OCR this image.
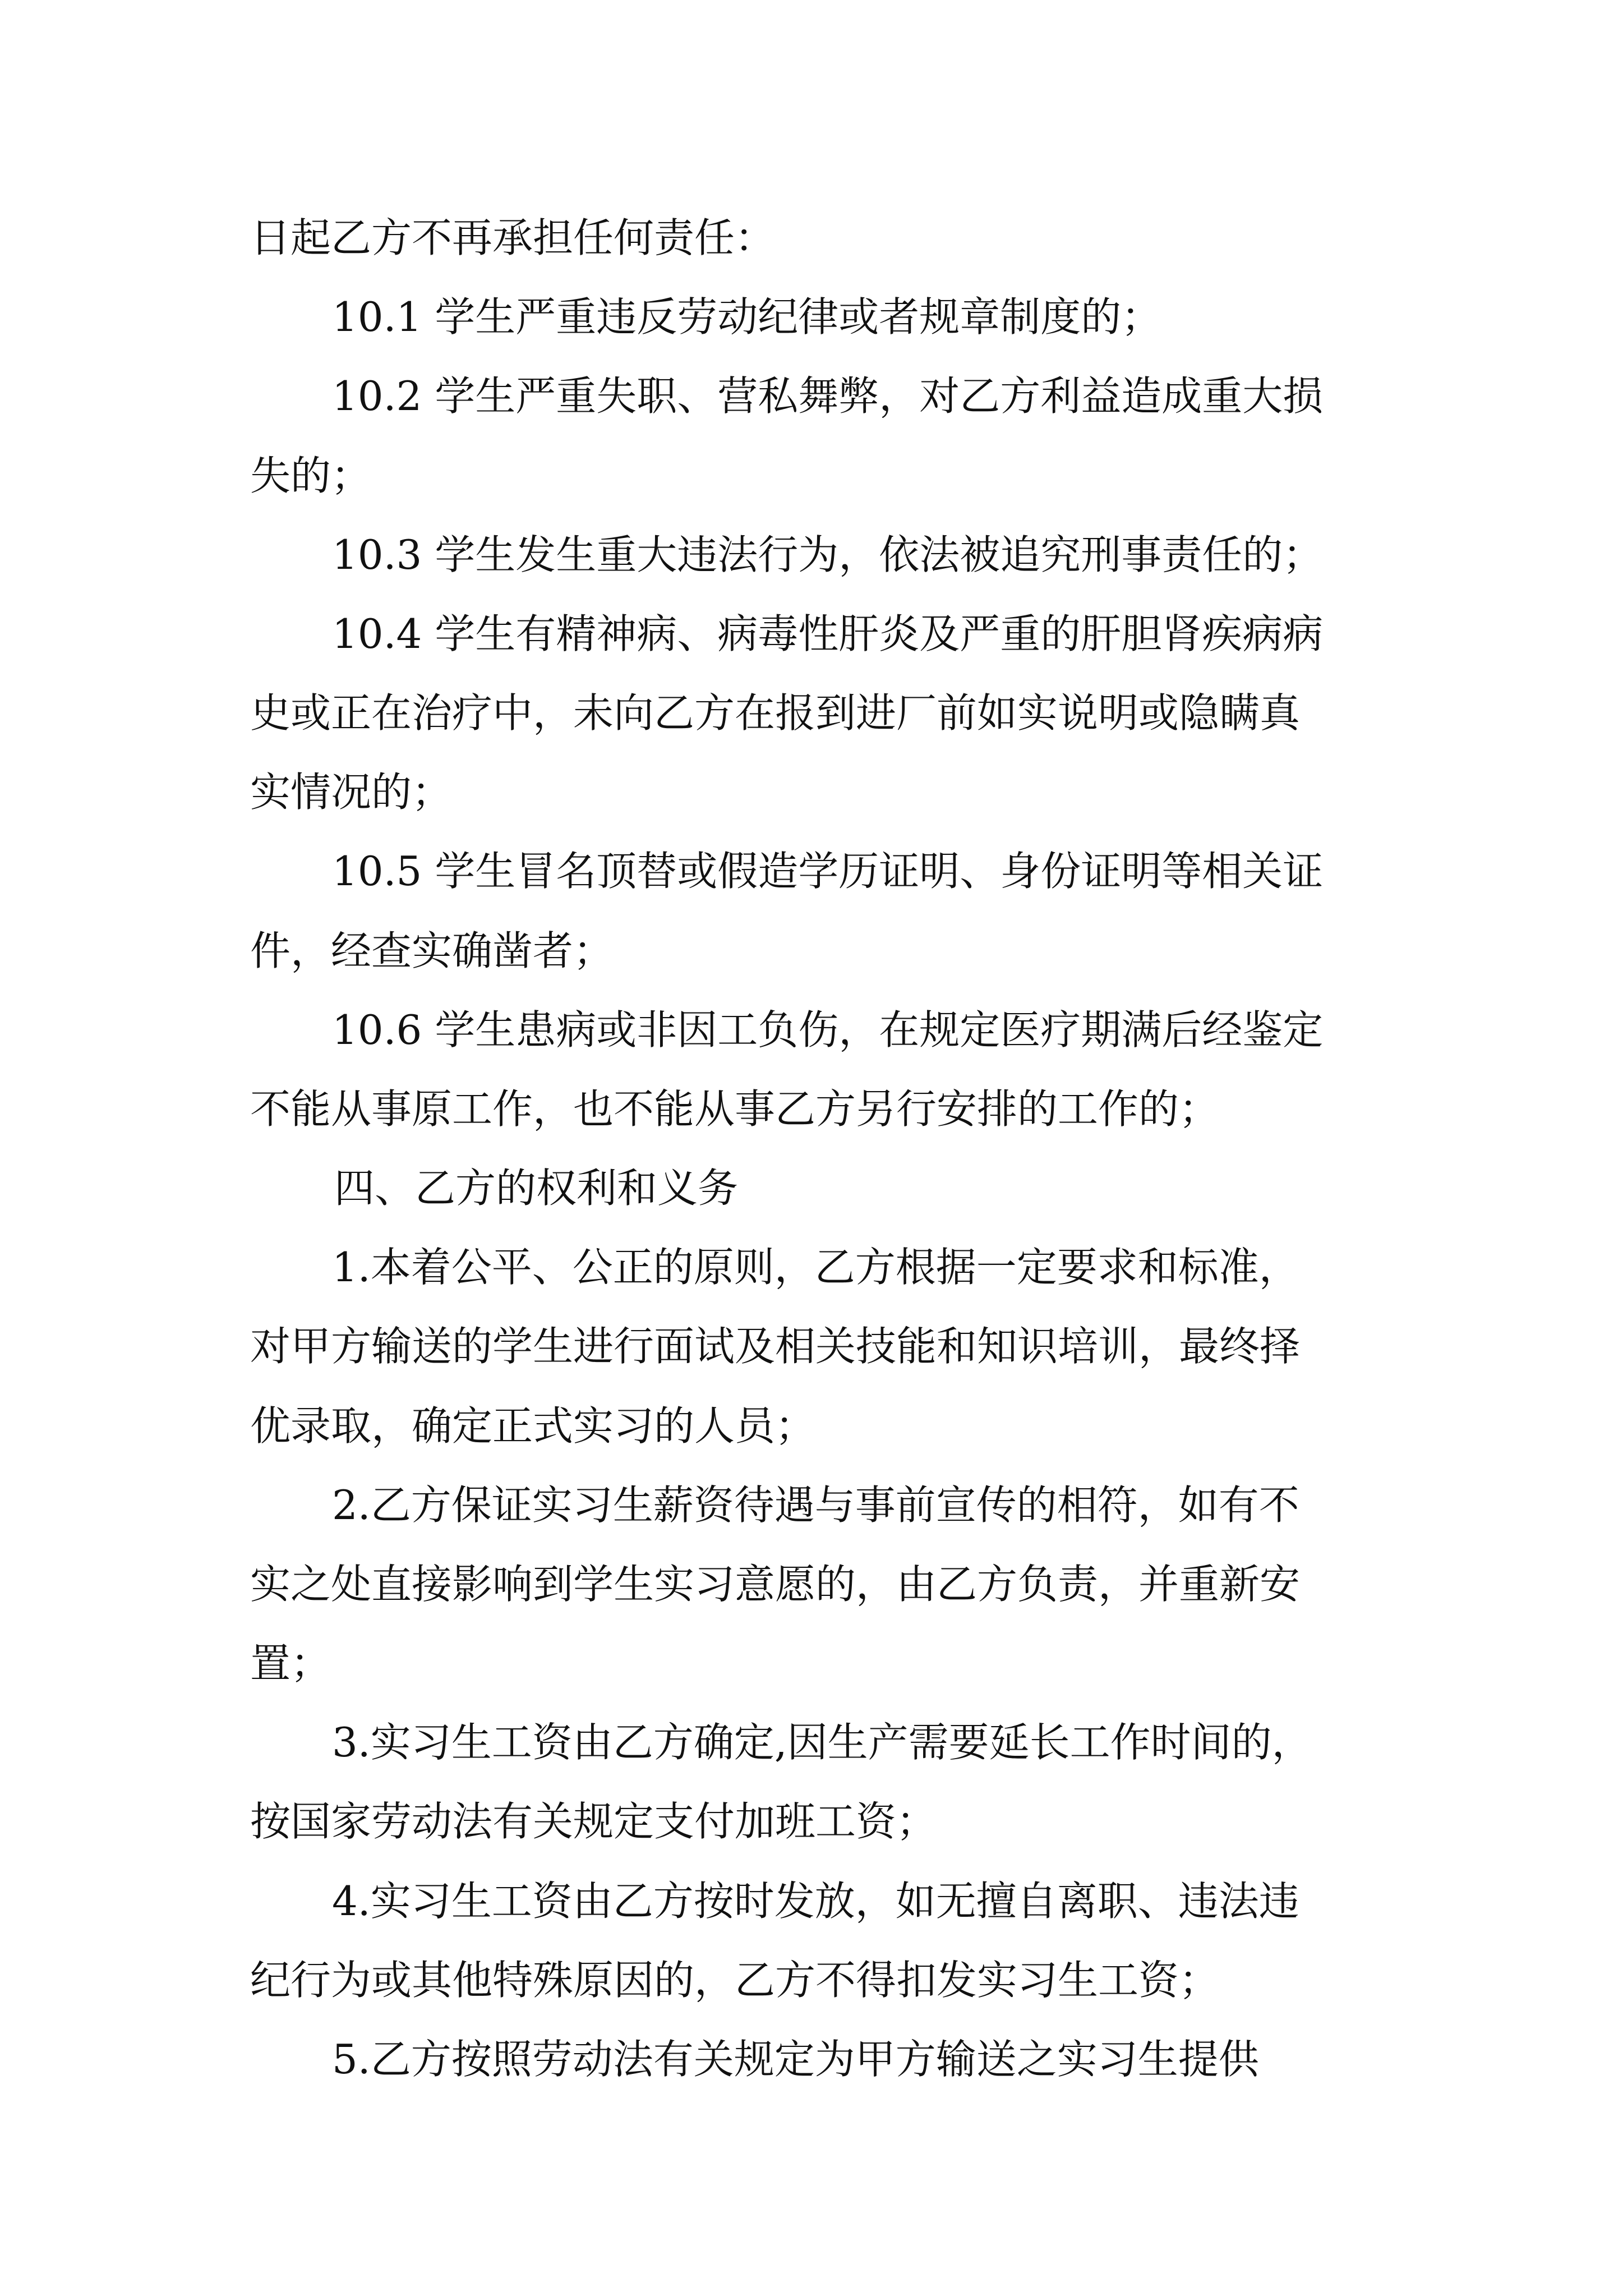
日起乙方不再承担任何责任：
10.1 学生严重违反劳动纪律或者规章制度的；
10.2 学生严重失职、营私舞弊，对乙方利益造成重大损
失的；
10.3 学生发生重大违法行为，依法被追究刑事责任的；
10.4 学生有精神病、病毒性肝炎及严重的肝胆肾疾病病
史或正在治疗中，未向乙方在报到进厂前如实说明或隐瞒真
实情况的；
10.5 学生冒名顶替或假造学历证明、身份证明等相关证
件，经查实确凿者；
10.6 学生患病或非因工负伤，在规定医疗期满后经鉴定
不能从事原工作，也不能从事乙方另行安排的工作的；
四、乙方的权利和义务
1.本着公平、公正的原则，乙方根据一定要求和标准，
对甲方输送的学生进行面试及相关技能和知识培训，最终择
优录取，确定正式实习的人员；
2.乙方保证实习生薪资待遇与事前宣传的相符，如有不
实之处直接影响到学生实习意愿的，由乙方负责，并重新安
置；
3.实习生工资由乙方确定,因生产需要延长工作时间的，
按国家劳动法有关规定支付加班工资；
4.实习生工资由乙方按时发放，如无擅自离职、违法违
纪行为或其他特殊原因的，乙方不得扣发实习生工资；
5.乙方按照劳动法有关规定为甲方输送之实习生提供
